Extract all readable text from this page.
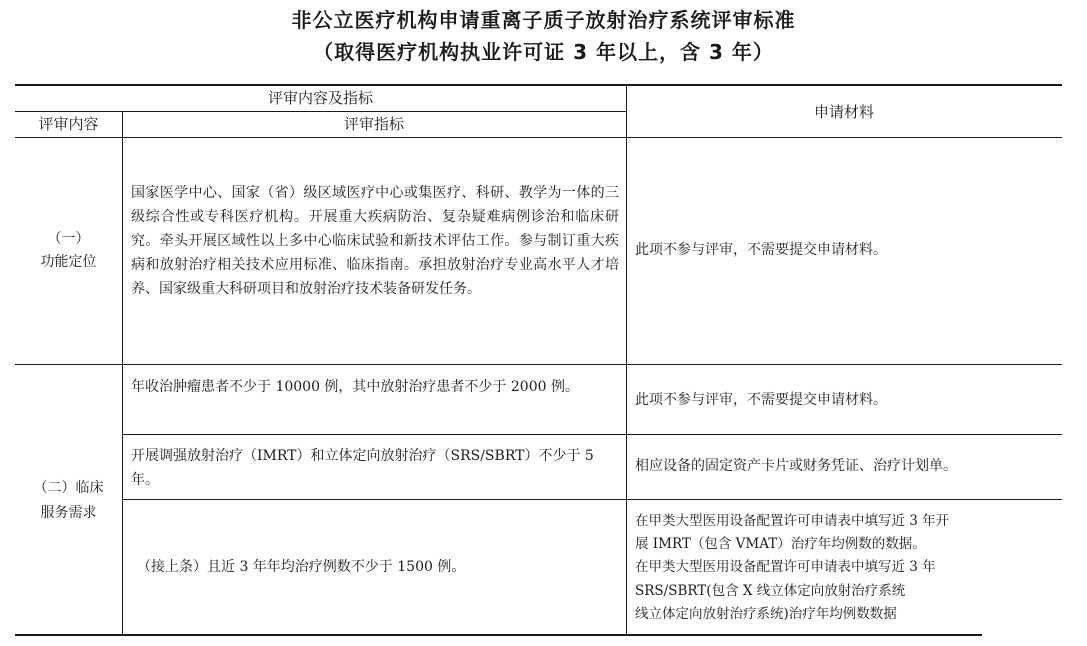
非公立医疗机构申请重离子质子放射治疗系统评审标准
（取得医疗机构执业许可证 3 年以上，含 3 年）
评审内容及指标
评审内容	评审指标
申请材料
（一）
功能定位
国家医学中心、国家（省）级区域医疗中心或集医疗、科研、教学为一体的三级综合性或专科医疗机构。开展重大疾病防治、复杂疑难病例诊治和临床研究。牵头开展区域性以上多中心临床试验和新技术评估工作。参与制订重大疾病和放射治疗相关技术应用标准、临床指南。承担放射治疗专业高水平人才培养、国家级重大科研项目和放射治疗技术装备研发任务。
此项不参与评审，不需要提交申请材料。
（二）临床
服务需求
年收治肿瘤患者不少于 10000 例，其中放射治疗患者不少于 2000 例。
此项不参与评审，不需要提交申请材料。
开展调强放射治疗（IMRT）和立体定向放射治疗（SRS/SBRT）不少于 5 年。
相应设备的固定资产卡片或财务凭证、治疗计划单。
（接上条）且近 3 年年均治疗例数不少于 1500 例。
在甲类大型医用设备配置许可申请表中填写近 3 年开
展 IMRT（包含 VMAT）治疗年均例数的数据。
在甲类大型医用设备配置许可申请表中填写近 3 年
SRS/SBRT(包含 X 线立体定向放射治疗系统
线立体定向放射治疗系统)治疗年均例数数据
